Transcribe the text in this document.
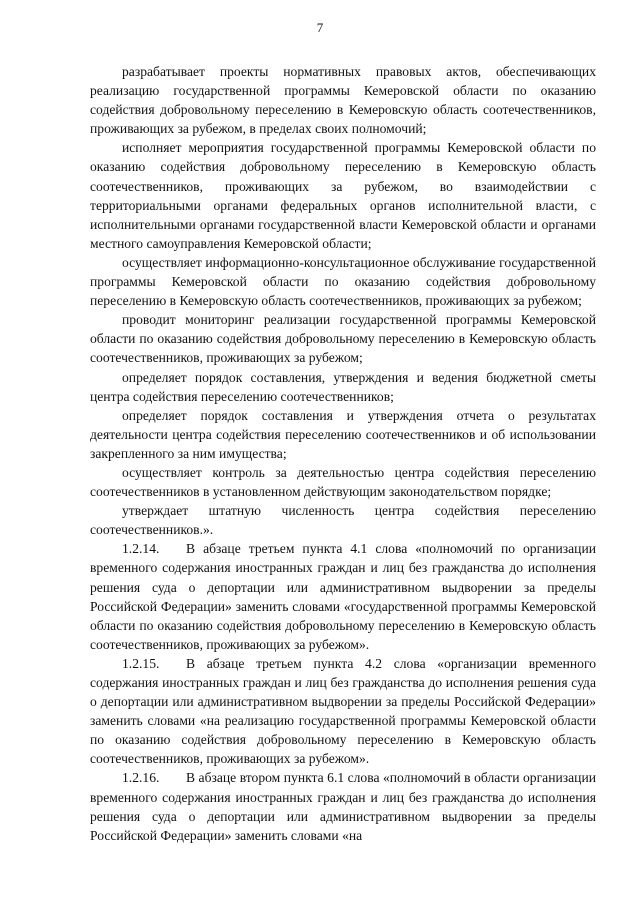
7

разрабатывает проекты нормативных правовых актов, обеспечивающих реализацию государственной программы Кемеровской области по оказанию содействия добровольному переселению в Кемеровскую область соотечественников, проживающих за рубежом, в пределах своих полномочий;

исполняет мероприятия государственной программы Кемеровской области по оказанию содействия добровольному переселению в Кемеровскую область соотечественников, проживающих за рубежом, во взаимодействии с территориальными органами федеральных органов исполнительной власти, с исполнительными органами государственной власти Кемеровской области и органами местного самоуправления Кемеровской области;

осуществляет информационно-консультационное обслуживание государственной программы Кемеровской области по оказанию содействия добровольному переселению в Кемеровскую область соотечественников, проживающих за рубежом;

проводит мониторинг реализации государственной программы Кемеровской области по оказанию содействия добровольному переселению в Кемеровскую область соотечественников, проживающих за рубежом;

определяет порядок составления, утверждения и ведения бюджетной сметы центра содействия переселению соотечественников;

определяет порядок составления и утверждения отчета о результатах деятельности центра содействия переселению соотечественников и об использовании закрепленного за ним имущества;

осуществляет контроль за деятельностью центра содействия переселению соотечественников в установленном действующим законодательством порядке;

утверждает штатную численность центра содействия переселению соотечественников.».

1.2.14. В абзаце третьем пункта 4.1 слова «полномочий по организации временного содержания иностранных граждан и лиц без гражданства до исполнения решения суда о депортации или административном выдворении за пределы Российской Федерации» заменить словами «государственной программы Кемеровской области по оказанию содействия добровольному переселению в Кемеровскую область соотечественников, проживающих за рубежом».

1.2.15. В абзаце третьем пункта 4.2 слова «организации временного содержания иностранных граждан и лиц без гражданства до исполнения решения суда о депортации или административном выдворении за пределы Российской Федерации» заменить словами «на реализацию государственной программы Кемеровской области по оказанию содействия добровольному переселению в Кемеровскую область соотечественников, проживающих за рубежом».

1.2.16. В абзаце втором пункта 6.1 слова «полномочий в области организации временного содержания иностранных граждан и лиц без гражданства до исполнения решения суда о депортации или административном выдворении за пределы Российской Федерации» заменить словами «на
